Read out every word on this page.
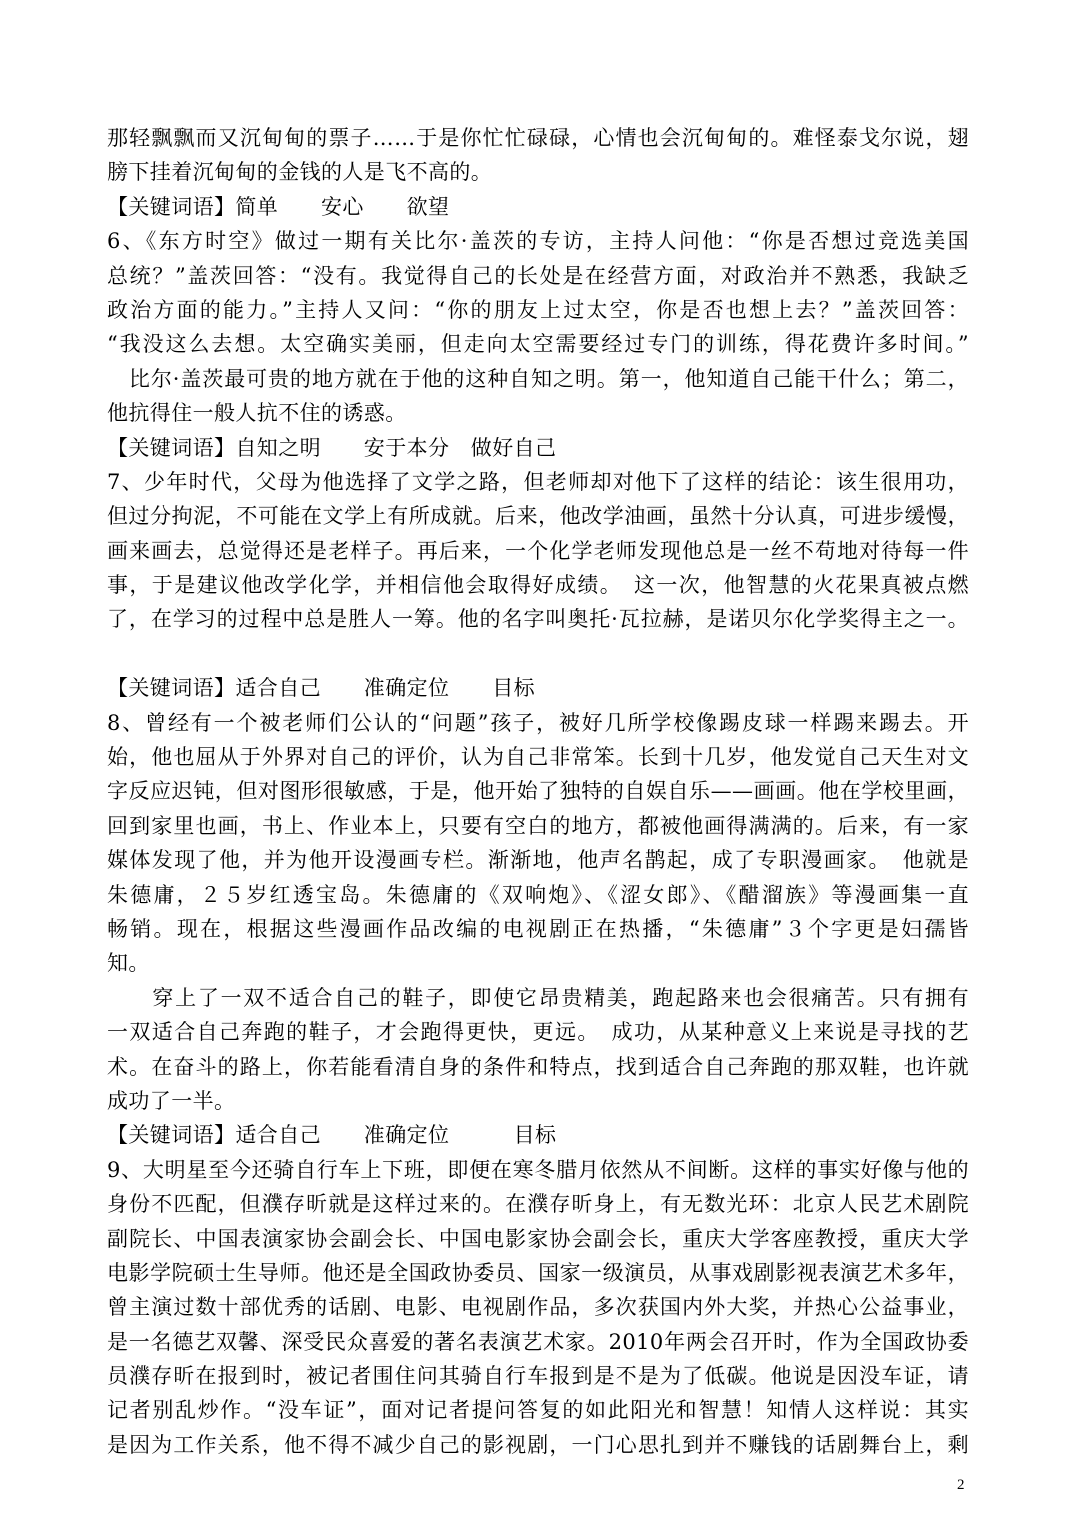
那轻飘飘而又沉甸甸的票子……于是你忙忙碌碌，心情也会沉甸甸的。难怪泰戈尔说，翅
膀下挂着沉甸甸的金钱的人是飞不高的。
【关键词语】简单　　安心　　欲望
6、《东方时空》做过一期有关比尔·盖茨的专访，主持人问他：“你是否想过竞选美国
总统？”盖茨回答：“没有。我觉得自己的长处是在经营方面，对政治并不熟悉，我缺乏
政治方面的能力。”主持人又问：“你的朋友上过太空，你是否也想上去？”盖茨回答：
“我没这么去想。太空确实美丽，但走向太空需要经过专门的训练，得花费许多时间。”
　比尔·盖茨最可贵的地方就在于他的这种自知之明。第一，他知道自己能干什么；第二，
他抗得住一般人抗不住的诱惑。
【关键词语】自知之明　　安于本分　做好自己
7、少年时代，父母为他选择了文学之路，但老师却对他下了这样的结论：该生很用功，
但过分拘泥，不可能在文学上有所成就。后来，他改学油画，虽然十分认真，可进步缓慢，
画来画去，总觉得还是老样子。再后来，一个化学老师发现他总是一丝不苟地对待每一件
事，于是建议他改学化学，并相信他会取得好成绩。　这一次，他智慧的火花果真被点燃
了，在学习的过程中总是胜人一筹。他的名字叫奥托·瓦拉赫，是诺贝尔化学奖得主之一。
【关键词语】适合自己　　准确定位　　目标
8、曾经有一个被老师们公认的“问题”孩子，被好几所学校像踢皮球一样踢来踢去。开
始，他也屈从于外界对自己的评价，认为自己非常笨。长到十几岁，他发觉自己天生对文
字反应迟钝，但对图形很敏感，于是，他开始了独特的自娱自乐——画画。他在学校里画，
回到家里也画，书上、作业本上，只要有空白的地方，都被他画得满满的。后来，有一家
媒体发现了他，并为他开设漫画专栏。渐渐地，他声名鹊起，成了专职漫画家。　他就是
朱德庸，２５岁红透宝岛。朱德庸的《双响炮》、《涩女郎》、《醋溜族》等漫画集一直
畅销。现在，根据这些漫画作品改编的电视剧正在热播，“朱德庸”３个字更是妇孺皆
知。
　　穿上了一双不适合自己的鞋子，即使它昂贵精美，跑起路来也会很痛苦。只有拥有
一双适合自己奔跑的鞋子，才会跑得更快，更远。　成功，从某种意义上来说是寻找的艺
术。在奋斗的路上，你若能看清自身的条件和特点，找到适合自己奔跑的那双鞋，也许就
成功了一半。
【关键词语】适合自己　　准确定位　　　目标
9、大明星至今还骑自行车上下班，即便在寒冬腊月依然从不间断。这样的事实好像与他的
身份不匹配，但濮存昕就是这样过来的。在濮存昕身上，有无数光环：北京人民艺术剧院
副院长、中国表演家协会副会长、中国电影家协会副会长，重庆大学客座教授，重庆大学
电影学院硕士生导师。他还是全国政协委员、国家一级演员，从事戏剧影视表演艺术多年，
曾主演过数十部优秀的话剧、电影、电视剧作品，多次获国内外大奖，并热心公益事业，
是一名德艺双馨、深受民众喜爱的著名表演艺术家。2010年两会召开时，作为全国政协委
员濮存昕在报到时，被记者围住问其骑自行车报到是不是为了低碳。他说是因没车证，请
记者别乱炒作。“没车证”，面对记者提问答复的如此阳光和智慧！知情人这样说：其实
是因为工作关系，他不得不减少自己的影视剧，一门心思扎到并不赚钱的话剧舞台上，剩
2
